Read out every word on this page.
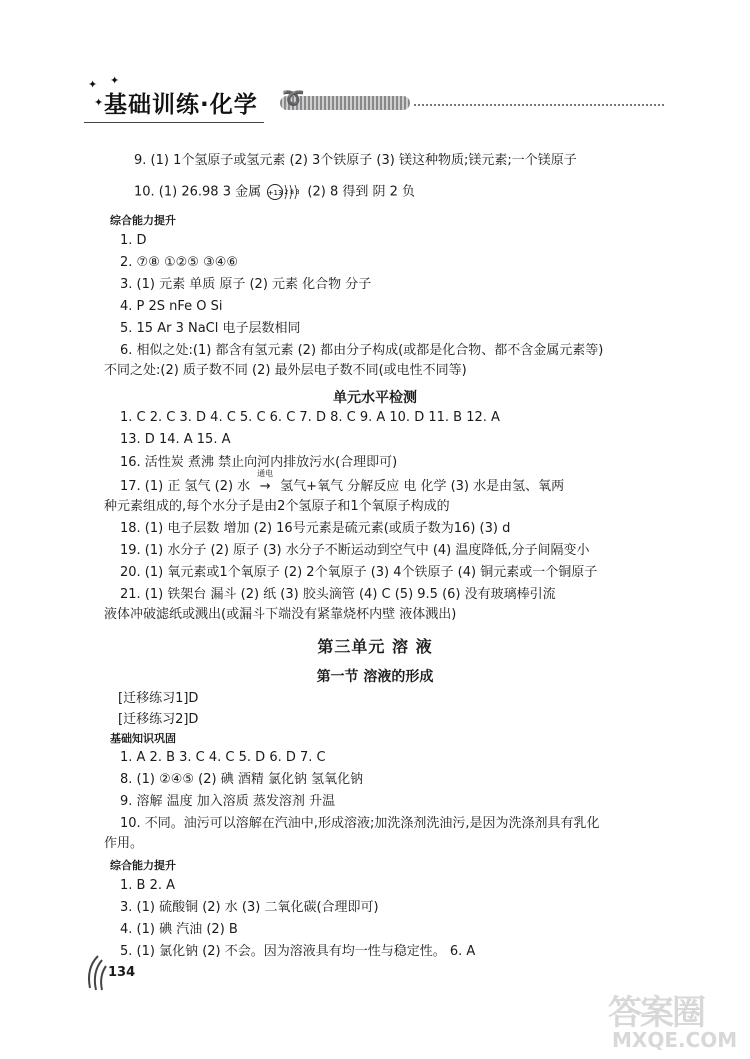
✦ ✦
✦ 基础训练·化学 ➰
9. (1) 1个氢原子或氢元素 (2) 3个铁原子 (3) 镁这种物质;镁元素;一个镁原子
10. (1) 26.98 3 金属 +13 2 8 3 (2) 8 得到 阴 2 负
综合能力提升
1. D
2. ⑦⑧ ①②⑤ ③④⑥
3. (1) 元素 单质 原子 (2) 元素 化合物 分子
4. P 2S nFe O Si
5. 15 Ar 3 NaCl 电子层数相同
6. 相似之处:(1) 都含有氢元素 (2) 都由分子构成(或都是化合物、都不含金属元素等)
不同之处:(2) 质子数不同 (2) 最外层电子数不同(或电性不同等)
单元水平检测
1. C 2. C 3. D 4. C 5. C 6. C 7. D 8. C 9. A 10. D 11. B 12. A
13. D 14. A 15. A
16. 活性炭 煮沸 禁止向河内排放污水(合理即可)
17. (1) 正 氢气 (2) 水
通电
→ 氢气+氧气 分解反应 电 化学 (3) 水是由氢、氧两
种元素组成的,每个水分子是由2个氢原子和1个氧原子构成的
18. (1) 电子层数 增加 (2) 16号元素是硫元素(或质子数为16) (3) d
19. (1) 水分子 (2) 原子 (3) 水分子不断运动到空气中 (4) 温度降低,分子间隔变小
20. (1) 氧元素或1个氧原子 (2) 2个氧原子 (3) 4个铁原子 (4) 铜元素或一个铜原子
21. (1) 铁架台 漏斗 (2) 纸 (3) 胶头滴管 (4) C (5) 9.5 (6) 没有玻璃棒引流
液体冲破滤纸或溅出(或漏斗下端没有紧靠烧杯内壁 液体溅出)
第三单元 溶 液
第一节 溶液的形成
[迁移练习1]D
[迁移练习2]D
基础知识巩固
1. A 2. B 3. C 4. C 5. D 6. D 7. C
8. (1) ②④⑤ (2) 碘 酒精 氯化钠 氢氧化钠
9. 溶解 温度 加入溶质 蒸发溶剂 升温
10. 不同。油污可以溶解在汽油中,形成溶液;加洗涤剂洗油污,是因为洗涤剂具有乳化
作用。
综合能力提升
1. B 2. A
3. (1) 硫酸铜 (2) 水 (3) 二氧化碳(合理即可)
4. (1) 碘 汽油 (2) B
5. (1) 氯化钠 (2) 不会。因为溶液具有均一性与稳定性。 6. A
134
答案圈
MXQE.COM
